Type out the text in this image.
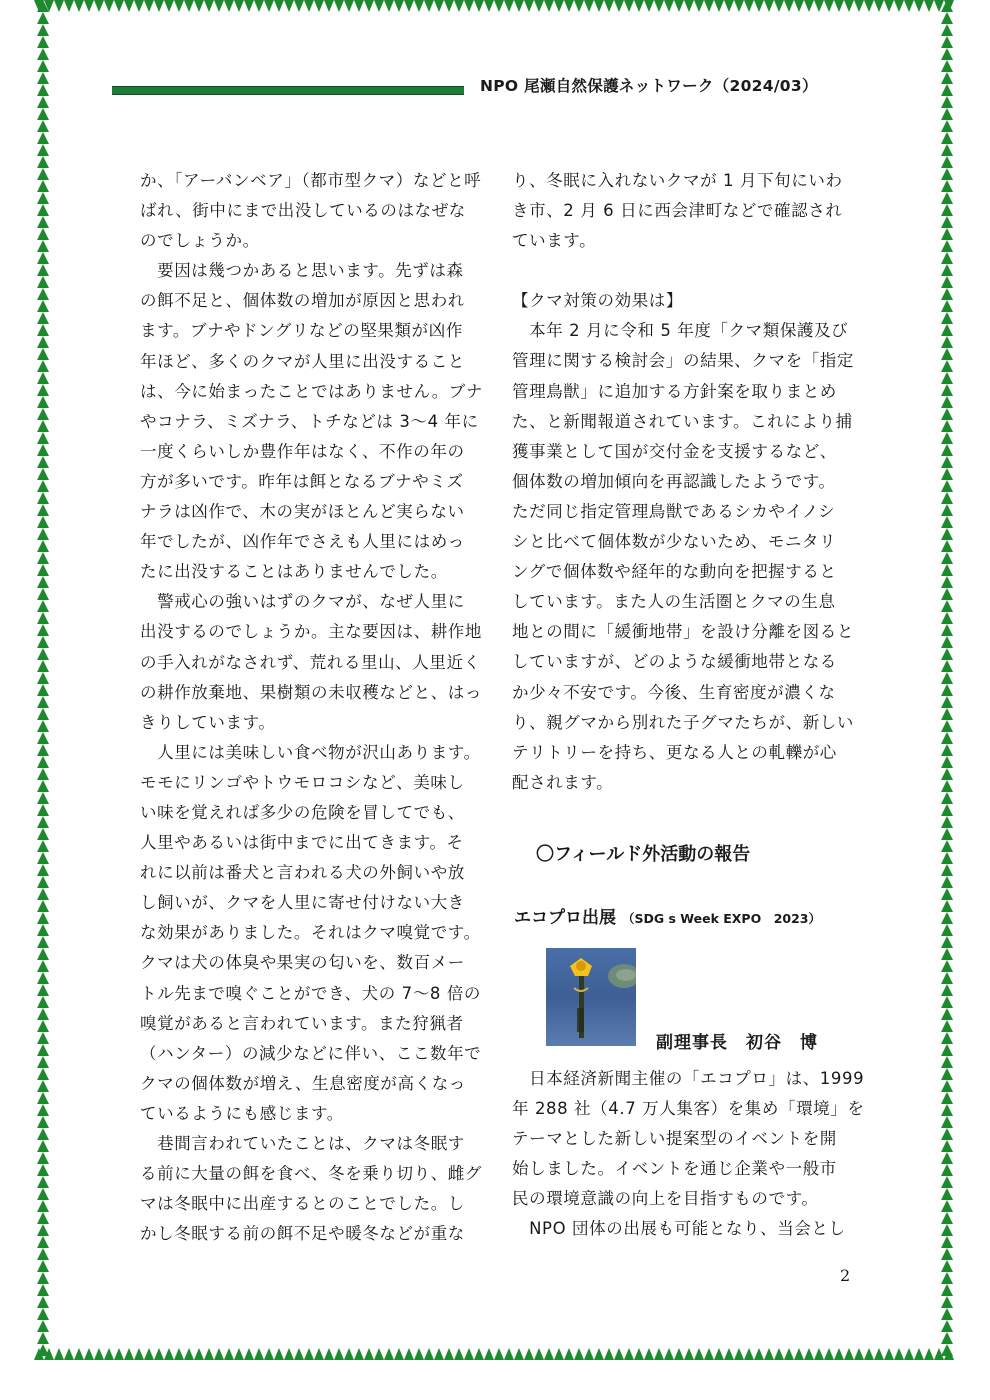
NPO 尾瀬自然保護ネットワーク（2024/03）

か、「アーバンベア」（都市型クマ）などと呼

ばれ、街中にまで出没しているのはなぜな

のでしょうか。

　要因は幾つかあると思います。先ずは森

の餌不足と、個体数の増加が原因と思われ

ます。ブナやドングリなどの堅果類が凶作

年ほど、多くのクマが人里に出没すること

は、今に始まったことではありません。ブナ

やコナラ、ミズナラ、トチなどは 3～4 年に

一度くらいしか豊作年はなく、不作の年の

方が多いです。昨年は餌となるブナやミズ

ナラは凶作で、木の実がほとんど実らない

年でしたが、凶作年でさえも人里にはめっ

たに出没することはありませんでした。

　警戒心の強いはずのクマが、なぜ人里に

出没するのでしょうか。主な要因は、耕作地

の手入れがなされず、荒れる里山、人里近く

の耕作放棄地、果樹類の未収穫などと、はっ

きりしています。

　人里には美味しい食べ物が沢山あります。

モモにリンゴやトウモロコシなど、美味し

い味を覚えれば多少の危険を冒してでも、

人里やあるいは街中までに出てきます。そ

れに以前は番犬と言われる犬の外飼いや放

し飼いが、クマを人里に寄せ付けない大き

な効果がありました。それはクマ嗅覚です。

クマは犬の体臭や果実の匂いを、数百メー

トル先まで嗅ぐことができ、犬の 7～8 倍の

嗅覚があると言われています。また狩猟者

（ハンター）の減少などに伴い、ここ数年で

クマの個体数が増え、生息密度が高くなっ

ているようにも感じます。

　巷間言われていたことは、クマは冬眠す

る前に大量の餌を食べ、冬を乗り切り、雌グ

マは冬眠中に出産するとのことでした。し

かし冬眠する前の餌不足や暖冬などが重な

り、冬眠に入れないクマが 1 月下旬にいわ

き市、2 月 6 日に西会津町などで確認され

ています。

【クマ対策の効果は】

　本年 2 月に令和 5 年度「クマ類保護及び

管理に関する検討会」の結果、クマを「指定

管理鳥獣」に追加する方針案を取りまとめ

た、と新聞報道されています。これにより捕

獲事業として国が交付金を支援するなど、

個体数の増加傾向を再認識したようです。

ただ同じ指定管理鳥獣であるシカやイノシ

シと比べて個体数が少ないため、モニタリ

ングで個体数や経年的な動向を把握すると

しています。また人の生活圏とクマの生息

地との間に「緩衝地帯」を設け分離を図ると

していますが、どのような緩衝地帯となる

か少々不安です。今後、生育密度が濃くな

り、親グマから別れた子グマたちが、新しい

テリトリーを持ち、更なる人との軋轢が心

配されます。

〇フィールド外活動の報告
エコプロ出展 （SDG s Week EXPO　2023）
副理事長　初谷　博

　日本経済新聞主催の「エコプロ」は、1999

年 288 社（4.7 万人集客）を集め「環境」を

テーマとした新しい提案型のイベントを開

始しました。イベントを通じ企業や一般市

民の環境意識の向上を目指すものです。

　NPO 団体の出展も可能となり、当会とし

2
